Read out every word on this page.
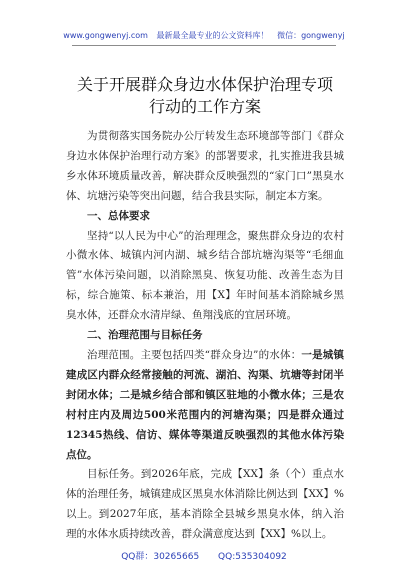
www.gongwenyj.com 最新最全最专业的公文资料库！ 微信：gongwenyj
关于开展群众身边水体保护治理专项行动的工作方案

为贯彻落实国务院办公厅转发生态环境部等部门《群众身边水体保护治理行动方案》的部署要求，扎实推进我县城乡水体环境质量改善，解决群众反映强烈的“家门口”黑臭水体、坑塘污染等突出问题，结合我县实际，制定本方案。

一、总体要求

坚持“以人民为中心”的治理理念，聚焦群众身边的农村小微水体、城镇内河内湖、城乡结合部坑塘沟渠等“毛细血管”水体污染问题，以消除黑臭、恢复功能、改善生态为目标，综合施策、标本兼治，用【X】年时间基本消除城乡黑臭水体，还群众水清岸绿、鱼翔浅底的宜居环境。

二、治理范围与目标任务

治理范围。主要包括四类“群众身边”的水体：一是城镇建成区内群众经常接触的河流、湖泊、沟渠、坑塘等封闭半封闭水体；二是城乡结合部和镇区驻地的小微水体；三是农村村庄内及周边500米范围内的河塘沟渠；四是群众通过12345热线、信访、媒体等渠道反映强烈的其他水体污染点位。

目标任务。到2026年底，完成【XX】条（个）重点水体的治理任务，城镇建成区黑臭水体消除比例达到【XX】%以上。到2027年底，基本消除全县城乡黑臭水体，纳入治理的水体水质持续改善，群众满意度达到【XX】%以上。

QQ群：30265665 QQ:535304092
